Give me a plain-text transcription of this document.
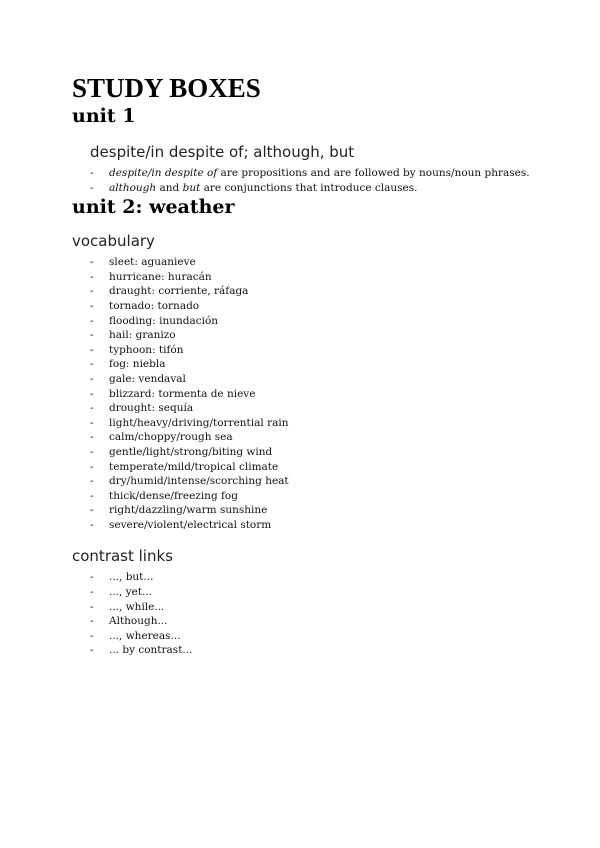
STUDY BOXES
unit 1
despite/in despite of; although, but
- despite/in despite of are propositions and are followed by nouns/noun phrases.
- although and but are conjunctions that introduce clauses.
unit 2: weather
vocabulary
- sleet: aguanieve
- hurricane: huracán
- draught: corriente, ráfaga
- tornado: tornado
- flooding: inundación
- hail: granizo
- typhoon: tifón
- fog: niebla
- gale: vendaval
- blizzard: tormenta de nieve
- drought: sequía
- light/heavy/driving/torrential rain
- calm/choppy/rough sea
- gentle/light/strong/biting wind
- temperate/mild/tropical climate
- dry/humid/intense/scorching heat
- thick/dense/freezing fog
- right/dazzling/warm sunshine
- severe/violent/electrical storm
contrast links
- ..., but...
- ..., yet...
- ..., while...
- Although...
- ..., whereas...
- ... by contrast...
